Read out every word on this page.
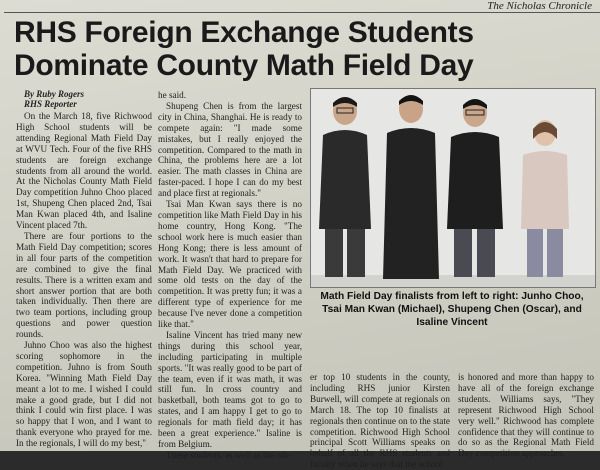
The Nicholas Chronicle
RHS Foreign Exchange Students
Dominate County Math Field Day
By Ruby Rogers
RHS Reporter

On the March 18, five Richwood High School students will be attending Regional Math Field Day at WVU Tech. Four of the five RHS students are foreign exchange students from all around the world. At the Nicholas County Math Field Day competition Juhno Choo placed 1st, Shupeng Chen placed 2nd, Tsai Man Kwan placed 4th, and Isaline Vincent placed 7th.

There are four portions to the Math Field Day competition; scores in all four parts of the competition are combined to give the final results. There is a written exam and short answer portion that are both taken individually. Then there are two team portions, including group questions and power question rounds.

Juhno Choo was also the highest scoring sophomore in the competition. Juhno is from South Korea. "Winning Math Field Day meant a lot to me. I wished I could make a good grade, but I did not think I could win first place. I was so happy that I won, and I want to thank everyone who prayed for me. In the regionals, I will do my best,"

he said.

Shupeng Chen is from the largest city in China, Shanghai. He is ready to compete again: "I made some mistakes, but I really enjoyed the competition. Compared to the math in China, the problems here are a lot easier. The math classes in China are faster-paced. I hope I can do my best and place first at regionals."

Tsai Man Kwan says there is no competition like Math Field Day in his home country, Hong Kong. "The school work here is much easier than Hong Kong; there is less amount of work. It wasn't that hard to prepare for Math Field Day. We practiced with some old tests on the day of the competition. It was pretty fun; it was a different type of experience for me because I've never done a competition like that."

Isaline Vincent has tried many new things during this school year, including participating in multiple sports. "It was really good to be part of the team, even if it was math, it was still fun. In cross country and basketball, both teams got to go to states, and I am happy I get to go to regionals for math field day; it has been a great experience." Isaline is from Belgium.

These students, as well as the oth-

Math Field Day finalists from left to right: Junho Choo, Tsai Man Kwan (Michael), Shupeng Chen (Oscar), and Isaline Vincent
er top 10 students in the county, including RHS junior Kirsten Burwell, will compete at regionals on March 18. The top 10 finalists at regionals then continue on to the state competition. Richwood High School principal Scott Williams speaks on behalf of all the RHS students and faculty when he says that the school
is honored and more than happy to have all of the foreign exchange students. Williams says, "They represent Richwood High School very well." Richwood has complete confidence that they will continue to do so as the Regional Math Field Day competition approaches.
